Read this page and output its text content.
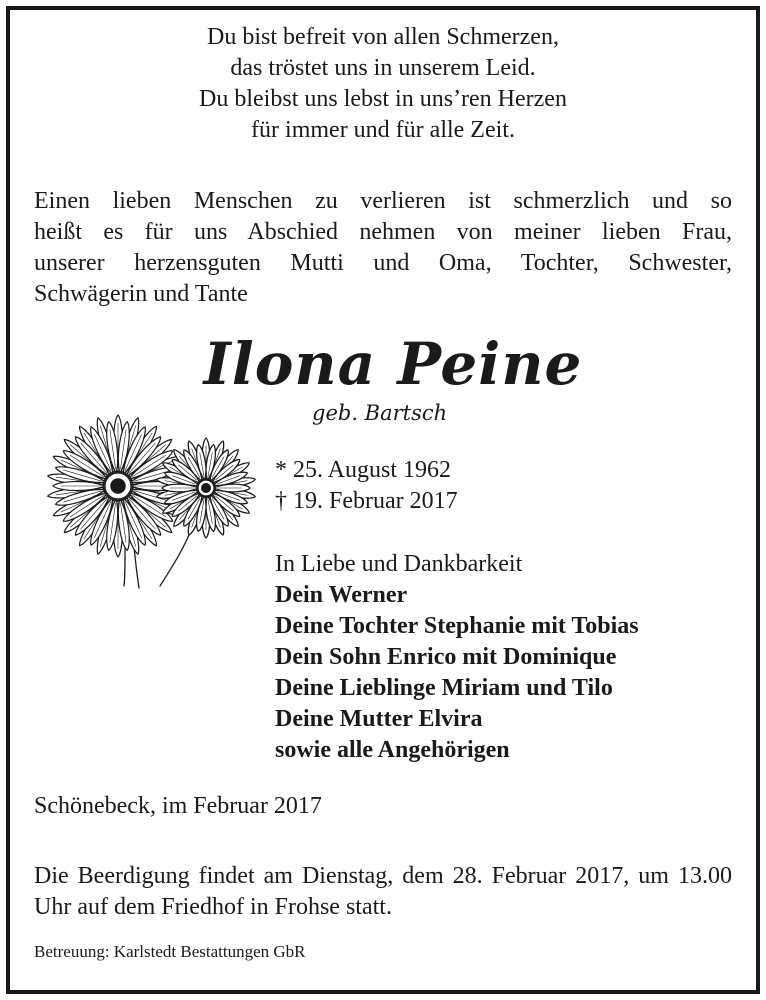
Du bist befreit von allen Schmerzen,
das tröstet uns in unserem Leid.
Du bleibst uns lebst in uns’ren Herzen
für immer und für alle Zeit.
Einen lieben Menschen zu verlieren ist schmerzlich und so
heißt es für uns Abschied nehmen von meiner lieben Frau,
unserer herzensguten Mutti und Oma, Tochter, Schwester,
Schwägerin und Tante
Ilona Peine
geb. Bartsch
* 25. August 1962
† 19. Februar 2017
In Liebe und Dankbarkeit
Dein Werner
Deine Tochter Stephanie mit Tobias
Dein Sohn Enrico mit Dominique
Deine Lieblinge Miriam und Tilo
Deine Mutter Elvira
sowie alle Angehörigen
Schönebeck, im Februar 2017
Die Beerdigung findet am Dienstag, dem 28. Februar 2017, um 13.00 Uhr auf dem Friedhof in Frohse statt.
Betreuung: Karlstedt Bestattungen GbR
